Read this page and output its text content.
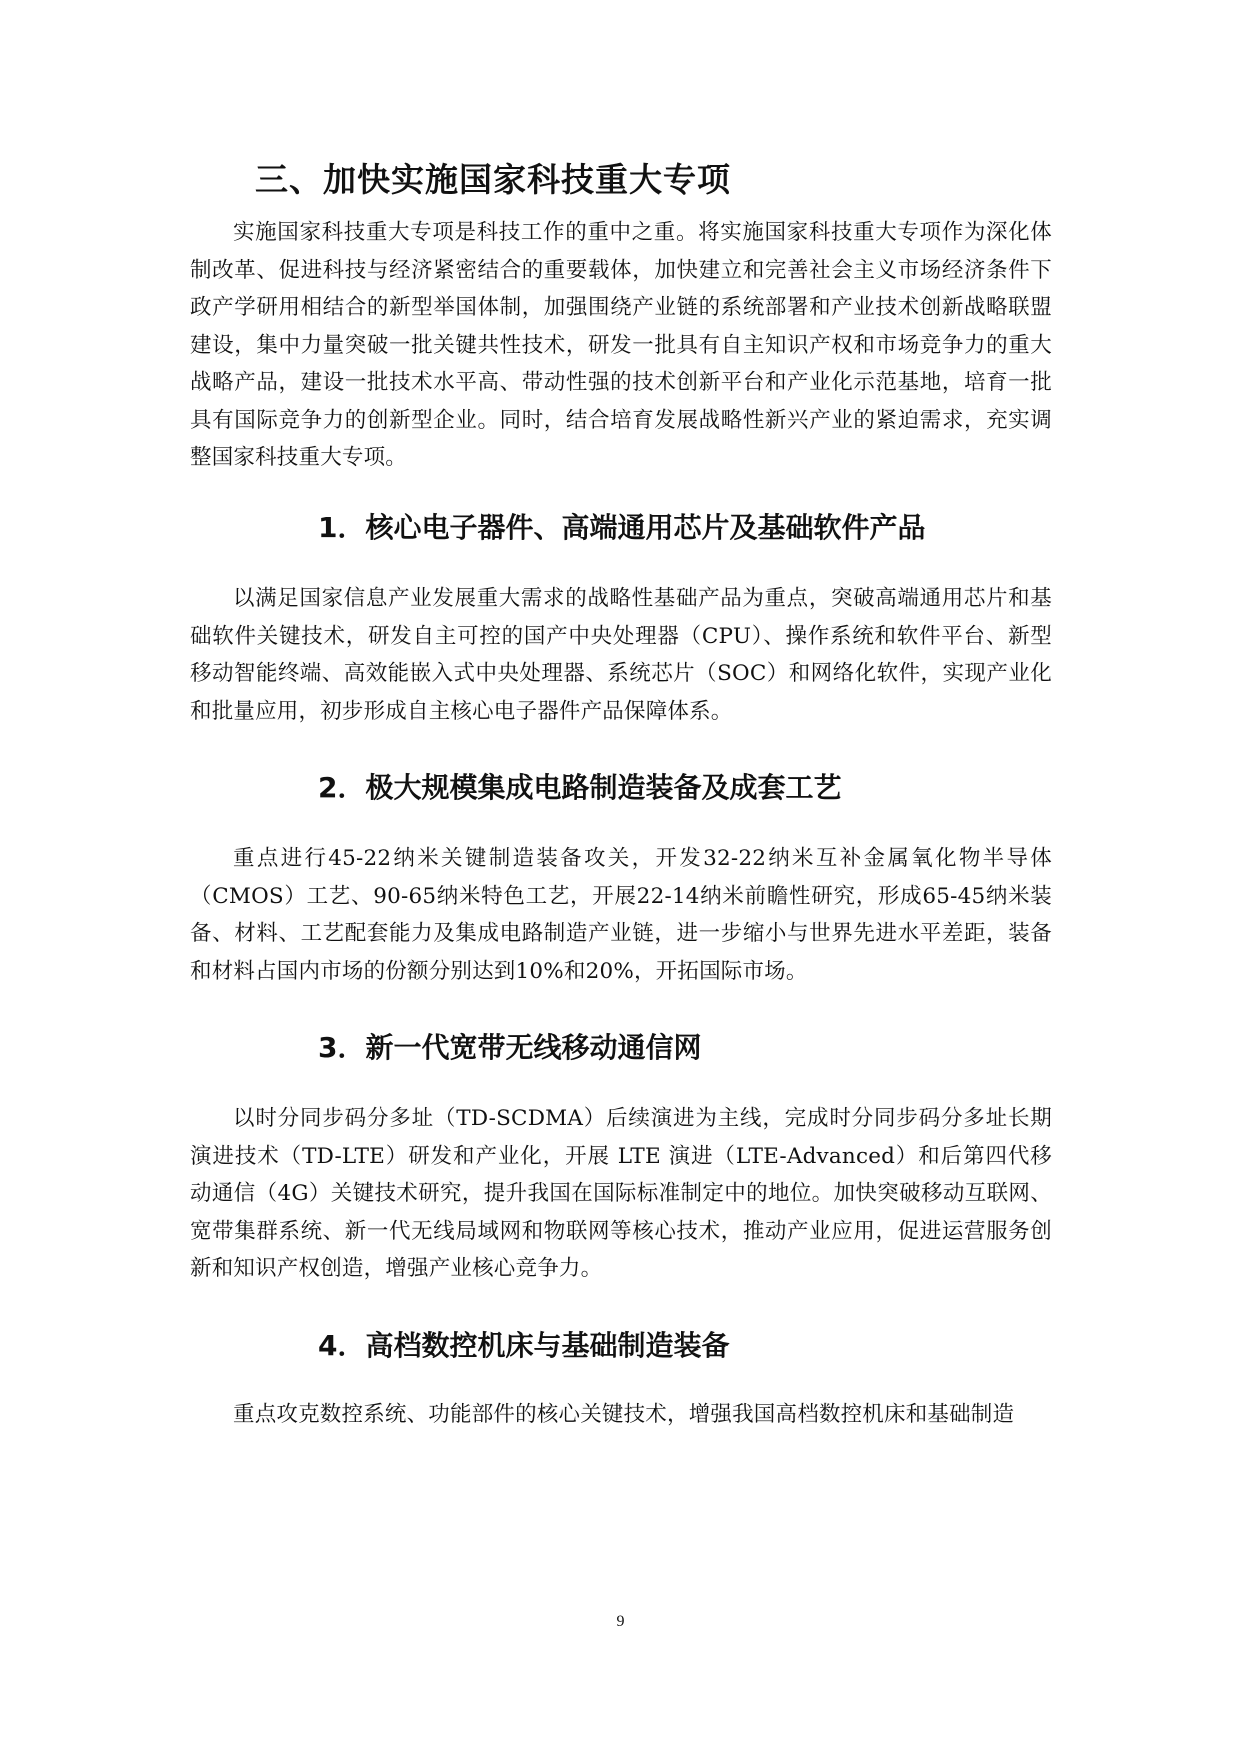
三、加快实施国家科技重大专项

实施国家科技重大专项是科技工作的重中之重。将实施国家科技重大专项作为深化体制改革、促进科技与经济紧密结合的重要载体，加快建立和完善社会主义市场经济条件下政产学研用相结合的新型举国体制，加强围绕产业链的系统部署和产业技术创新战略联盟建设，集中力量突破一批关键共性技术，研发一批具有自主知识产权和市场竞争力的重大战略产品，建设一批技术水平高、带动性强的技术创新平台和产业化示范基地，培育一批具有国际竞争力的创新型企业。同时，结合培育发展战略性新兴产业的紧迫需求，充实调整国家科技重大专项。

1．核心电子器件、高端通用芯片及基础软件产品

以满足国家信息产业发展重大需求的战略性基础产品为重点，突破高端通用芯片和基础软件关键技术，研发自主可控的国产中央处理器（CPU）、操作系统和软件平台、新型移动智能终端、高效能嵌入式中央处理器、系统芯片（SOC）和网络化软件，实现产业化和批量应用，初步形成自主核心电子器件产品保障体系。

2．极大规模集成电路制造装备及成套工艺

重点进行45-22纳米关键制造装备攻关，开发32-22纳米互补金属氧化物半导体（CMOS）工艺、90-65纳米特色工艺，开展22-14纳米前瞻性研究，形成65-45纳米装备、材料、工艺配套能力及集成电路制造产业链，进一步缩小与世界先进水平差距，装备和材料占国内市场的份额分别达到10%和20%，开拓国际市场。

3．新一代宽带无线移动通信网

以时分同步码分多址（TD-SCDMA）后续演进为主线，完成时分同步码分多址长期演进技术（TD-LTE）研发和产业化，开展 LTE 演进（LTE-Advanced）和后第四代移动通信（4G）关键技术研究，提升我国在国际标准制定中的地位。加快突破移动互联网、宽带集群系统、新一代无线局域网和物联网等核心技术，推动产业应用，促进运营服务创新和知识产权创造，增强产业核心竞争力。

4．高档数控机床与基础制造装备

重点攻克数控系统、功能部件的核心关键技术，增强我国高档数控机床和基础制造

9
